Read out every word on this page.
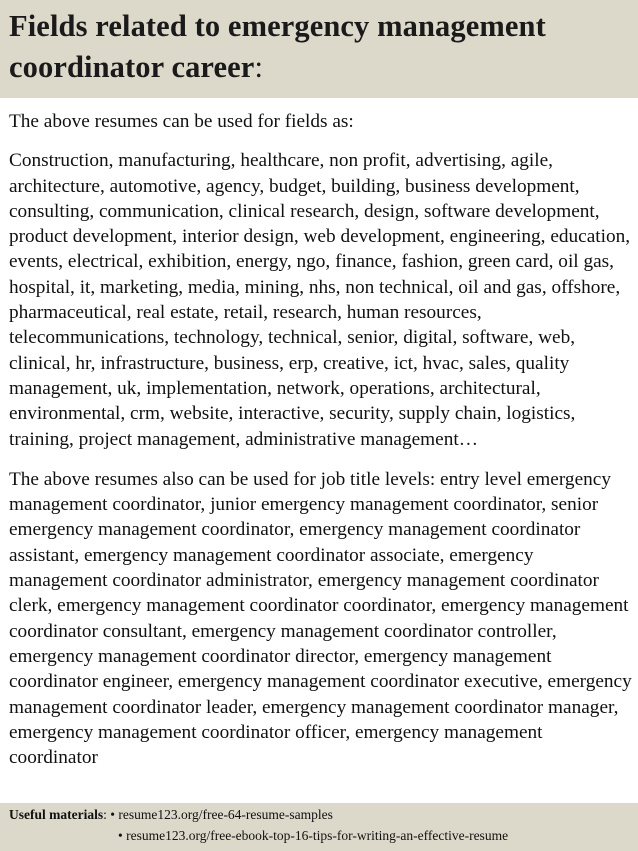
Fields related to emergency management coordinator career:

The above resumes can be used for fields as:

Construction, manufacturing, healthcare, non profit, advertising, agile, architecture, automotive, agency, budget, building, business development, consulting, communication, clinical research, design, software development, product development, interior design, web development, engineering, education, events, electrical, exhibition, energy, ngo, finance, fashion, green card, oil gas, hospital, it, marketing, media, mining, nhs, non technical, oil and gas, offshore, pharmaceutical, real estate, retail, research, human resources, telecommunications, technology, technical, senior, digital, software, web, clinical, hr, infrastructure, business, erp, creative, ict, hvac, sales, quality management, uk, implementation, network, operations, architectural, environmental, crm, website, interactive, security, supply chain, logistics, training, project management, administrative management…

The above resumes also can be used for job title levels: entry level emergency management coordinator, junior emergency management coordinator, senior emergency management coordinator, emergency management coordinator assistant, emergency management coordinator associate, emergency management coordinator administrator, emergency management coordinator clerk, emergency management coordinator coordinator, emergency management coordinator consultant, emergency management coordinator controller, emergency management coordinator director, emergency management coordinator engineer, emergency management coordinator executive, emergency management coordinator leader, emergency management coordinator manager, emergency management coordinator officer, emergency management coordinator

Useful materials: • resume123.org/free-64-resume-samples
• resume123.org/free-ebook-top-16-tips-for-writing-an-effective-resume
